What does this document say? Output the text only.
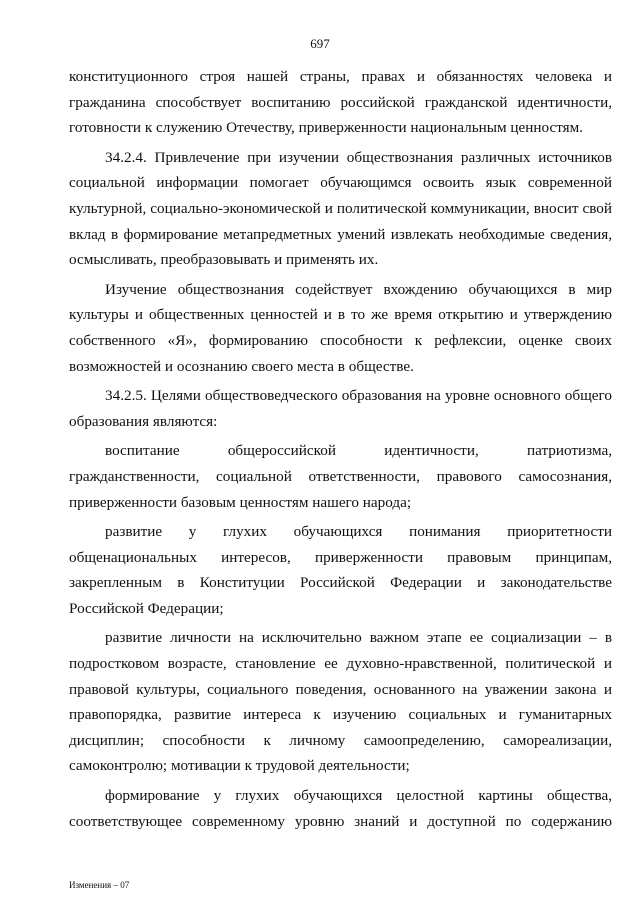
697

конституционного строя нашей страны, правах и обязанностях человека и гражданина способствует воспитанию российской гражданской идентичности, готовности к служению Отечеству, приверженности национальным ценностям.

34.2.4. Привлечение при изучении обществознания различных источников социальной информации помогает обучающимся освоить язык современной культурной, социально-экономической и политической коммуникации, вносит свой вклад в формирование метапредметных умений извлекать необходимые сведения, осмысливать, преобразовывать и применять их.

Изучение обществознания содействует вхождению обучающихся в мир культуры и общественных ценностей и в то же время открытию и утверждению собственного «Я», формированию способности к рефлексии, оценке своих возможностей и осознанию своего места в обществе.

34.2.5. Целями обществоведческого образования на уровне основного общего образования являются:

воспитание общероссийской идентичности, патриотизма, гражданственности, социальной ответственности, правового самосознания, приверженности базовым ценностям нашего народа;

развитие у глухих обучающихся понимания приоритетности общенациональных интересов, приверженности правовым принципам, закрепленным в Конституции Российской Федерации и законодательстве Российской Федерации;

развитие личности на исключительно важном этапе ее социализации – в подростковом возрасте, становление ее духовно-нравственной, политической и правовой культуры, социального поведения, основанного на уважении закона и правопорядка, развитие интереса к изучению социальных и гуманитарных дисциплин; способности к личному самоопределению, самореализации, самоконтролю; мотивации к трудовой деятельности;

формирование у глухих обучающихся целостной картины общества, соответствующее современному уровню знаний и доступной по содержанию

Изменения – 07
